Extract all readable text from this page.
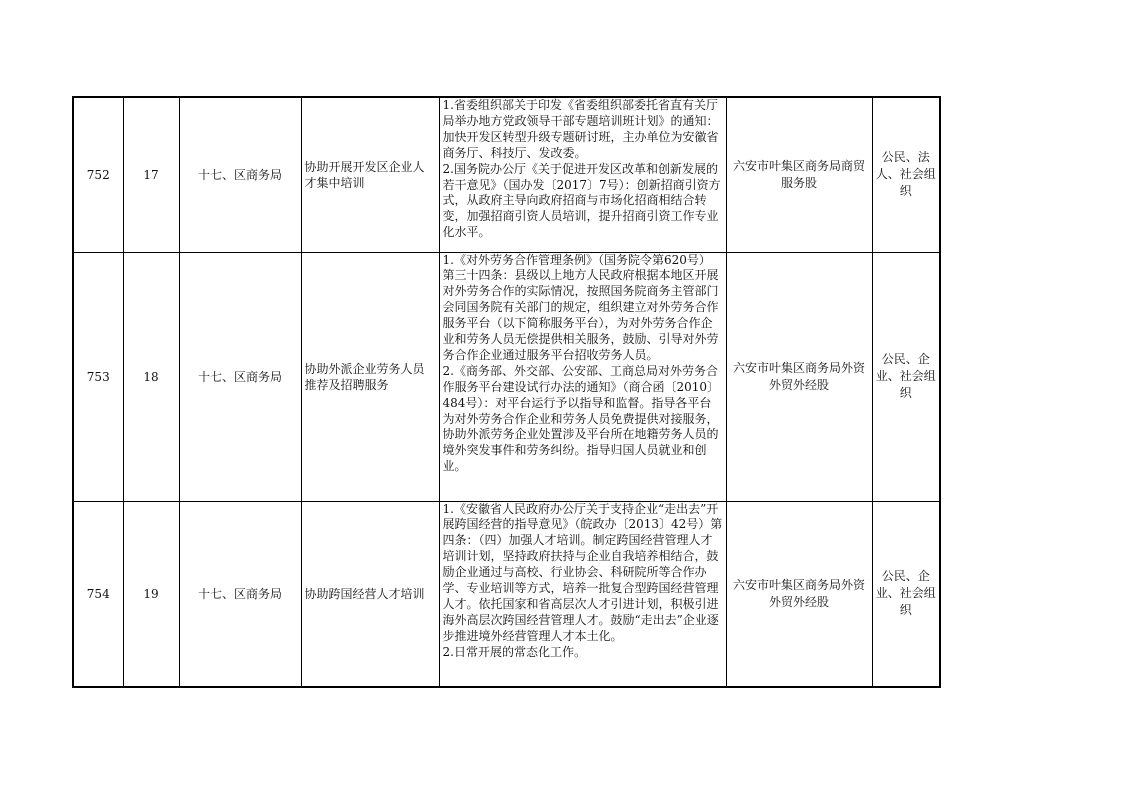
752	17	十七、区商务局	协助开展开发区企业人才集中培训	1.省委组织部关于印发《省委组织部委托省直有关厅局举办地方党政领导干部专题培训班计划》的通知：加快开发区转型升级专题研讨班，主办单位为安徽省商务厅、科技厅、发改委。
2.国务院办公厅《关于促进开发区改革和创新发展的若干意见》（国办发〔2017〕7号）：创新招商引资方式，从政府主导向政府招商与市场化招商相结合转变，加强招商引资人员培训，提升招商引资工作专业化水平。	六安市叶集区商务局商贸服务股	公民、法人、社会组织
753	18	十七、区商务局	协助外派企业劳务人员推荐及招聘服务	1.《对外劳务合作管理条例》（国务院令第620号）第三十四条：县级以上地方人民政府根据本地区开展对外劳务合作的实际情况，按照国务院商务主管部门会同国务院有关部门的规定，组织建立对外劳务合作服务平台（以下简称服务平台），为对外劳务合作企业和劳务人员无偿提供相关服务，鼓励、引导对外劳务合作企业通过服务平台招收劳务人员。
2.《商务部、外交部、公安部、工商总局对外劳务合作服务平台建设试行办法的通知》（商合函〔2010〕484号）：对平台运行予以指导和监督。指导各平台为对外劳务合作企业和劳务人员免费提供对接服务，协助外派劳务企业处置涉及平台所在地籍劳务人员的境外突发事件和劳务纠纷。指导归国人员就业和创业。	六安市叶集区商务局外资外贸外经股	公民、企业、社会组织
754	19	十七、区商务局	协助跨国经营人才培训	1.《安徽省人民政府办公厅关于支持企业“走出去”开展跨国经营的指导意见》（皖政办〔2013〕42号）第四条：（四）加强人才培训。制定跨国经营管理人才培训计划，坚持政府扶持与企业自我培养相结合，鼓励企业通过与高校、行业协会、科研院所等合作办学、专业培训等方式，培养一批复合型跨国经营管理人才。依托国家和省高层次人才引进计划，积极引进海外高层次跨国经营管理人才。鼓励“走出去”企业逐步推进境外经营管理人才本土化。
2.日常开展的常态化工作。	六安市叶集区商务局外资外贸外经股	公民、企业、社会组织
